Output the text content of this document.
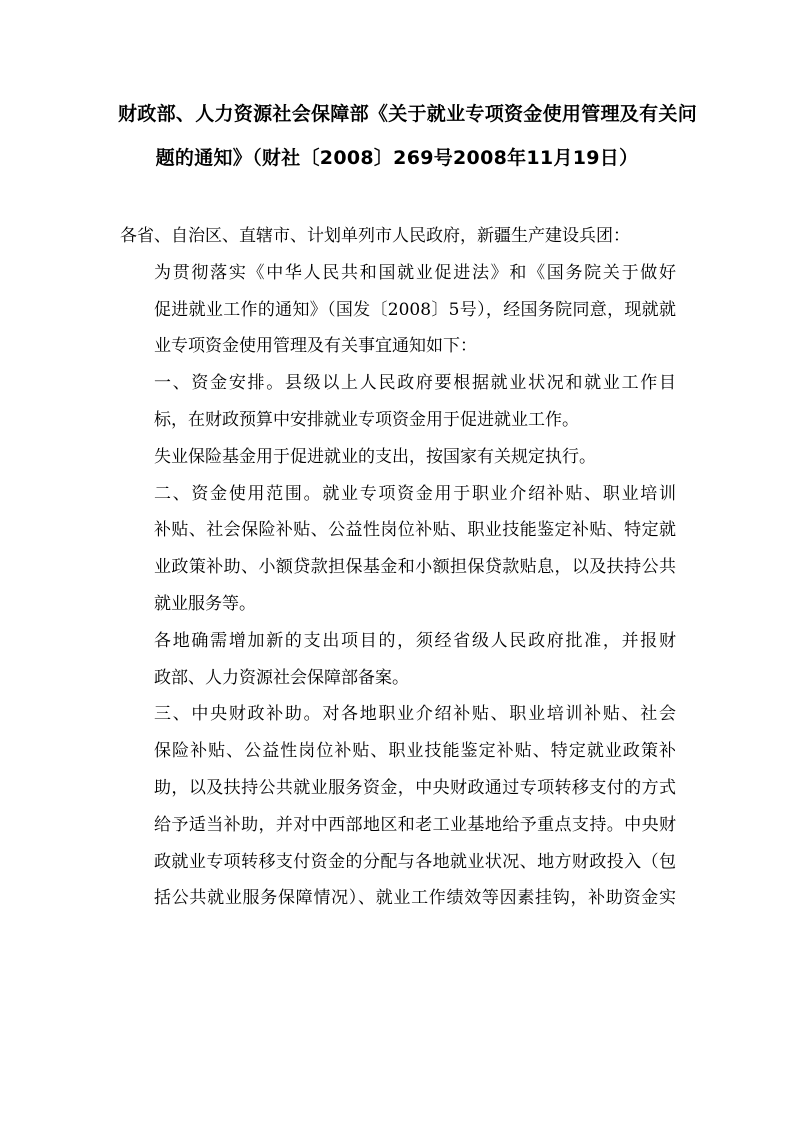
财政部、人力资源社会保障部《关于就业专项资金使用管理及有关问
题的通知》（财社〔2008〕269号2008年11月19日）

各省、自治区、直辖市、计划单列市人民政府，新疆生产建设兵团：

为贯彻落实《中华人民共和国就业促进法》和《国务院关于做好
促进就业工作的通知》（国发〔2008〕5号），经国务院同意，现就就
业专项资金使用管理及有关事宜通知如下：

一、资金安排。县级以上人民政府要根据就业状况和就业工作目
标，在财政预算中安排就业专项资金用于促进就业工作。

失业保险基金用于促进就业的支出，按国家有关规定执行。

二、资金使用范围。就业专项资金用于职业介绍补贴、职业培训
补贴、社会保险补贴、公益性岗位补贴、职业技能鉴定补贴、特定就
业政策补助、小额贷款担保基金和小额担保贷款贴息，以及扶持公共
就业服务等。

各地确需增加新的支出项目的，须经省级人民政府批准，并报财
政部、人力资源社会保障部备案。

三、中央财政补助。对各地职业介绍补贴、职业培训补贴、社会
保险补贴、公益性岗位补贴、职业技能鉴定补贴、特定就业政策补
助，以及扶持公共就业服务资金，中央财政通过专项转移支付的方式
给予适当补助，并对中西部地区和老工业基地给予重点支持。中央财
政就业专项转移支付资金的分配与各地就业状况、地方财政投入（包
括公共就业服务保障情况）、就业工作绩效等因素挂钩，补助资金实
